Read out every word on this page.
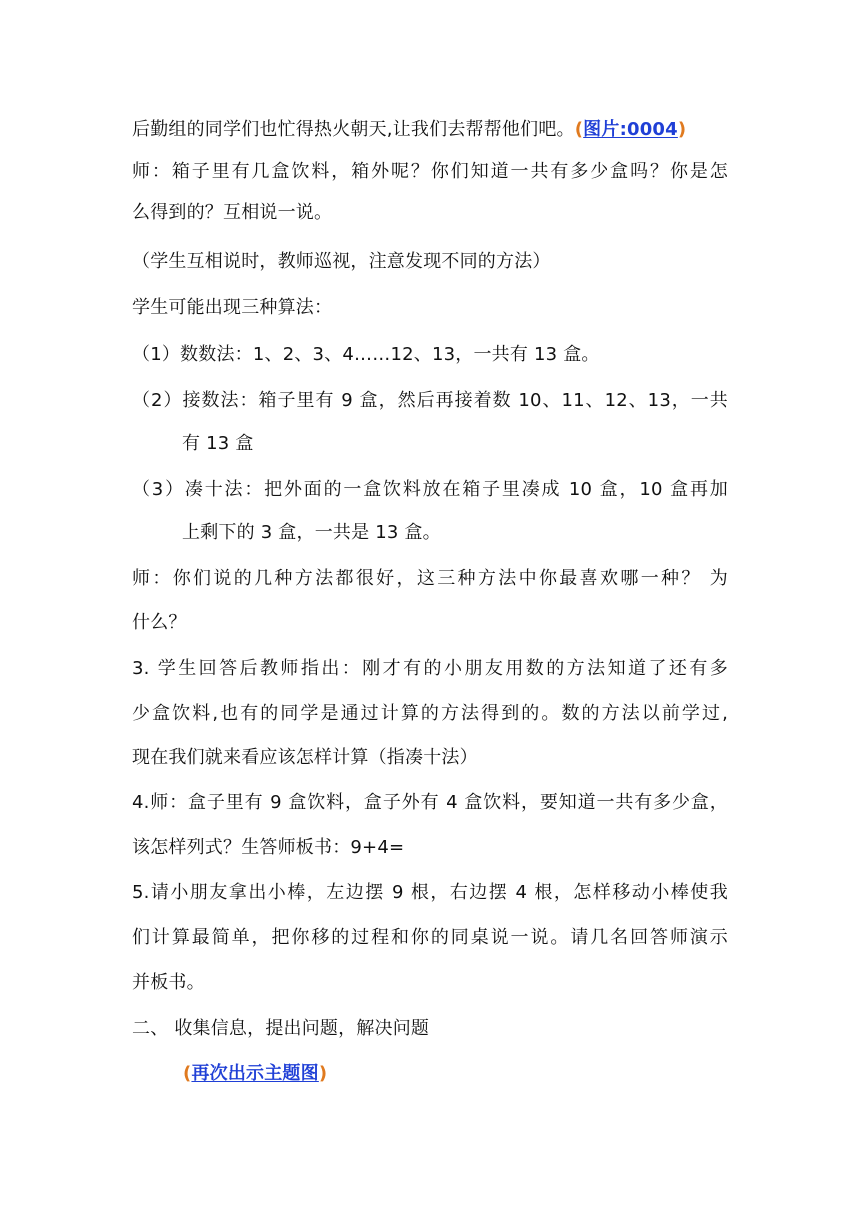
后勤组的同学们也忙得热火朝天,让我们去帮帮他们吧。(图片:0004)
师：箱子里有几盒饮料，箱外呢？你们知道一共有多少盒吗？你是怎
么得到的？互相说一说。
（学生互相说时，教师巡视，注意发现不同的方法）
学生可能出现三种算法：
（1）数数法：1、2、3、4……12、13，一共有 13 盒。
（2）接数法：箱子里有 9 盒，然后再接着数 10、11、12、13，一共
有 13 盒
（3）凑十法：把外面的一盒饮料放在箱子里凑成 10 盒，10 盒再加
上剩下的 3 盒，一共是 13 盒。
师：你们说的几种方法都很好，这三种方法中你最喜欢哪一种？ 为
什么？
3. 学生回答后教师指出：刚才有的小朋友用数的方法知道了还有多
少盒饮料,也有的同学是通过计算的方法得到的。数的方法以前学过,
现在我们就来看应该怎样计算（指凑十法）
4.师：盒子里有 9 盒饮料，盒子外有 4 盒饮料，要知道一共有多少盒，
该怎样列式？生答师板书：9+4=
5.请小朋友拿出小棒，左边摆 9 根，右边摆 4 根，怎样移动小棒使我
们计算最简单，把你移的过程和你的同桌说一说。请几名回答师演示
并板书。
二、 收集信息，提出问题，解决问题
(再次出示主题图)
